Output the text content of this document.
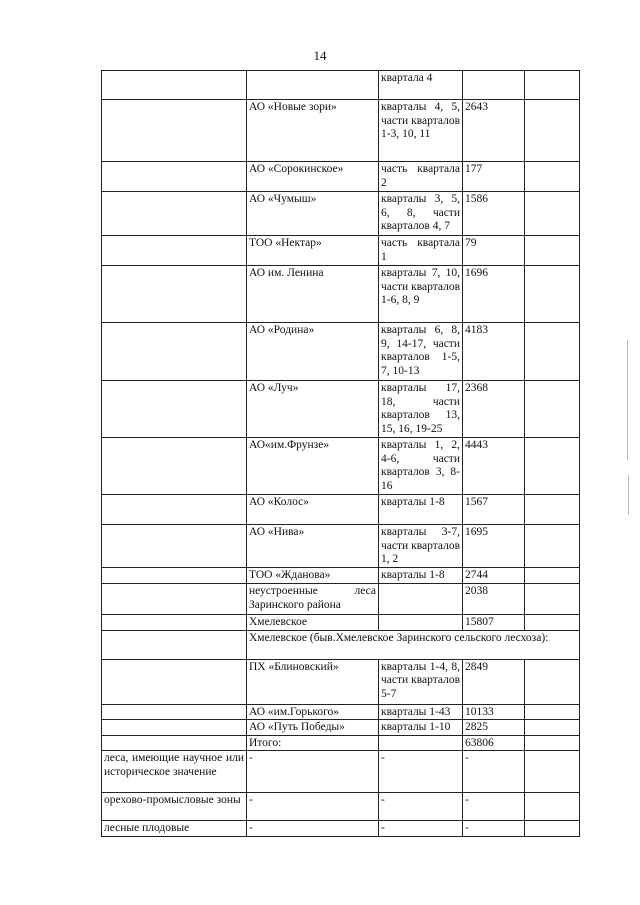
14
		квартала 4		
	АО «Новые зори»	кварталы 4, 5, части кварталов 1-3, 10, 11	2643	
	АО «Сорокинское»	часть квартала 2	177	
	АО «Чумыш»	кварталы 3, 5, 6, 8, части кварталов 4, 7	1586	
	ТОО «Нектар»	часть квартала 1	79	
	АО им. Ленина	кварталы 7, 10, части кварталов 1-6, 8, 9	1696	
	АО «Родина»	кварталы 6, 8, 9, 14-17, части кварталов 1-5, 7, 10-13	4183	
	АО «Луч»	кварталы 17, 18, части кварталов 13, 15, 16, 19-25	2368	
	АО«им.Фрунзе»	кварталы 1, 2, 4-6, части кварталов 3, 8-16	4443	
	АО «Колос»	кварталы 1-8	1567	
	АО «Нива»	кварталы 3-7, части кварталов 1, 2	1695	
	ТОО «Жданова»	кварталы 1-8	2744	
	неустроенные леса Заринского района		2038	
	Хмелевское		15807	
	Хмелевское (быв.Хмелевское Заринского сельского лесхоза):			
	ПХ «Блиновский»	кварталы 1-4, 8, части кварталов 5-7	2849	
	АО «им.Горького»	кварталы 1-43	10133	
	АО «Путь Победы»	кварталы 1-10	2825	
	Итого:		63806	
леса, имеющие научное или историческое значение	-	-	-	
орехово-промысловые зоны	-	-	-	
лесные плодовые	-	-	-	
